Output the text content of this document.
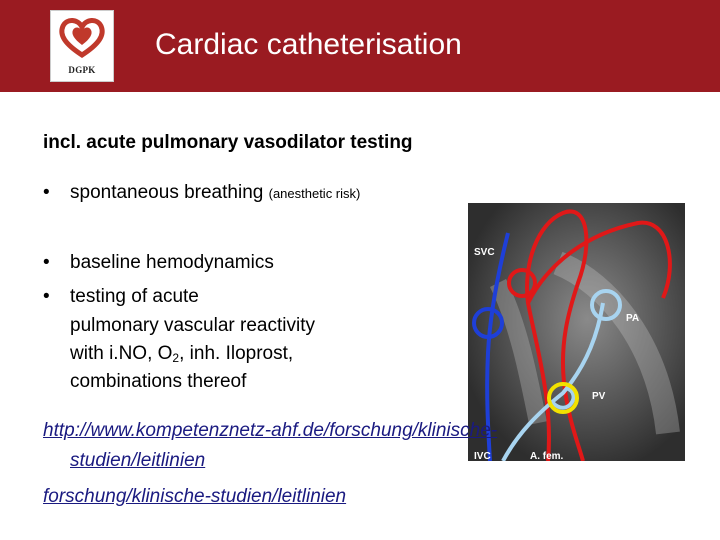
DGPK
Cardiac catheterisation
incl. acute pulmonary vasodilator testing
• spontaneous breathing (anesthetic risk)
• baseline hemodynamics
• testing of acute
pulmonary vascular reactivity
with i.NO, $O_2$, inh. Iloprost,
combinations thereof
SVC
PA
PV
IVC	A. fem.
http://www.kompetenznetz-ahf.de/forschung/klinische-
studien/leitlinien
forschung/klinische-studien/leitlinien
